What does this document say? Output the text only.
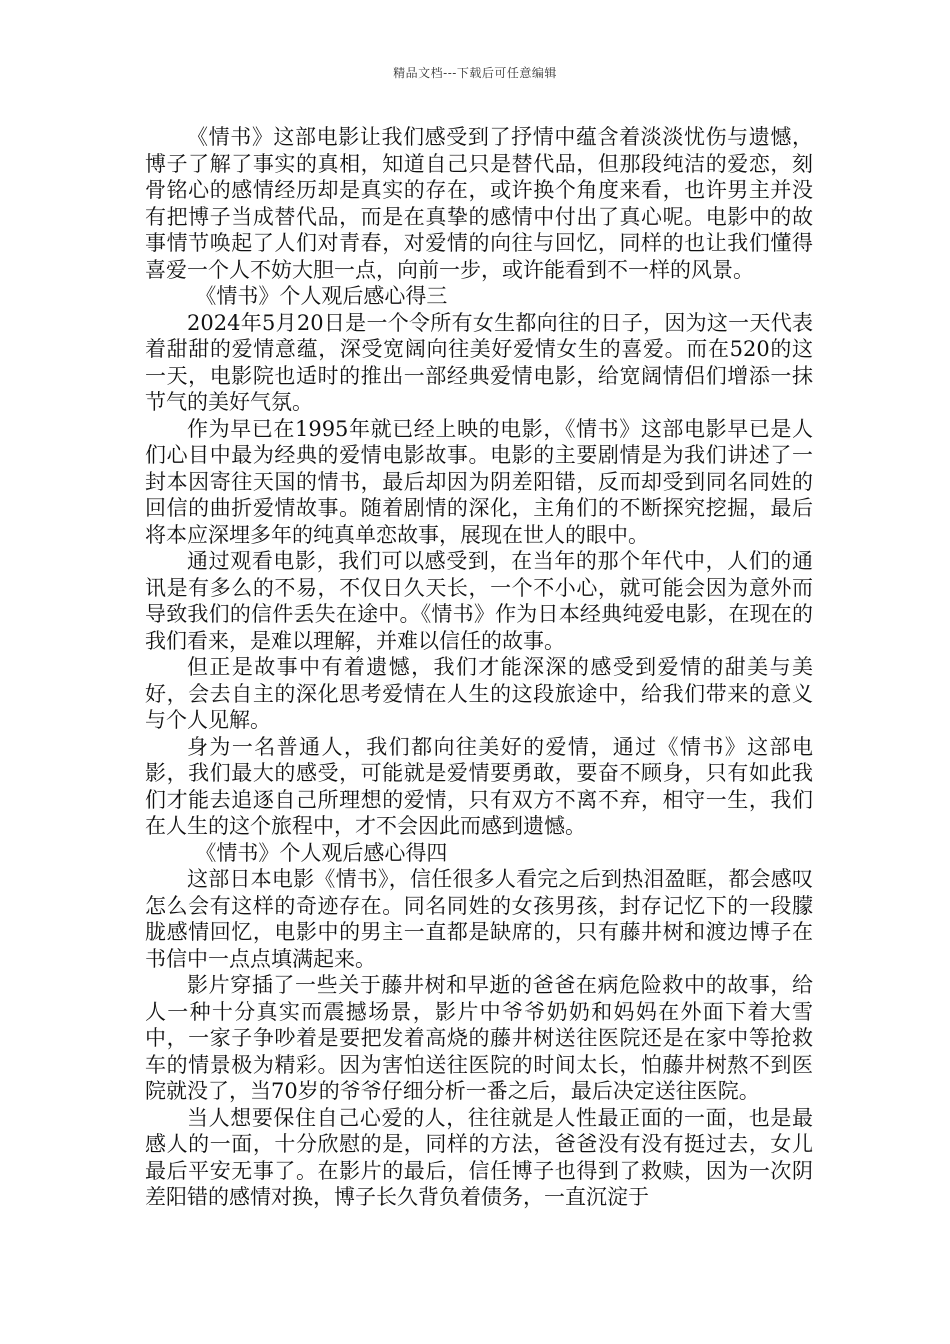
精品文档---下载后可任意编辑

《情书》这部电影让我们感受到了抒情中蕴含着淡淡忧伤与遗憾，博子了解了事实的真相，知道自己只是替代品，但那段纯洁的爱恋，刻骨铭心的感情经历却是真实的存在，或许换个角度来看，也许男主并没有把博子当成替代品，而是在真挚的感情中付出了真心呢。电影中的故事情节唤起了人们对青春，对爱情的向往与回忆，同样的也让我们懂得喜爱一个人不妨大胆一点，向前一步，或许能看到不一样的风景。

《情书》个人观后感心得三

2024年5月20日是一个令所有女生都向往的日子，因为这一天代表着甜甜的爱情意蕴，深受宽阔向往美好爱情女生的喜爱。而在520的这一天，电影院也适时的推出一部经典爱情电影，给宽阔情侣们增添一抹节气的美好气氛。

作为早已在1995年就已经上映的电影，《情书》这部电影早已是人们心目中最为经典的爱情电影故事。电影的主要剧情是为我们讲述了一封本因寄往天国的情书，最后却因为阴差阳错，反而却受到同名同姓的回信的曲折爱情故事。随着剧情的深化，主角们的不断探究挖掘，最后将本应深埋多年的纯真单恋故事，展现在世人的眼中。

通过观看电影，我们可以感受到，在当年的那个年代中，人们的通讯是有多么的不易，不仅日久天长，一个不小心，就可能会因为意外而导致我们的信件丢失在途中。《情书》作为日本经典纯爱电影，在现在的我们看来，是难以理解，并难以信任的故事。

但正是故事中有着遗憾，我们才能深深的感受到爱情的甜美与美好，会去自主的深化思考爱情在人生的这段旅途中，给我们带来的意义与个人见解。

身为一名普通人，我们都向往美好的爱情，通过《情书》这部电影，我们最大的感受，可能就是爱情要勇敢，要奋不顾身，只有如此我们才能去追逐自己所理想的爱情，只有双方不离不弃，相守一生，我们在人生的这个旅程中，才不会因此而感到遗憾。

《情书》个人观后感心得四

这部日本电影《情书》，信任很多人看完之后到热泪盈眶，都会感叹怎么会有这样的奇迹存在。同名同姓的女孩男孩，封存记忆下的一段朦胧感情回忆，电影中的男主一直都是缺席的，只有藤井树和渡边博子在书信中一点点填满起来。

影片穿插了一些关于藤井树和早逝的爸爸在病危险救中的故事，给人一种十分真实而震撼场景，影片中爷爷奶奶和妈妈在外面下着大雪中，一家子争吵着是要把发着高烧的藤井树送往医院还是在家中等抢救车的情景极为精彩。因为害怕送往医院的时间太长，怕藤井树熬不到医院就没了，当70岁的爷爷仔细分析一番之后，最后决定送往医院。

当人想要保住自己心爱的人，往往就是人性最正面的一面，也是最感人的一面，十分欣慰的是，同样的方法，爸爸没有没有挺过去，女儿最后平安无事了。在影片的最后，信任博子也得到了救赎，因为一次阴差阳错的感情对换，博子长久背负着债务，一直沉淀于
